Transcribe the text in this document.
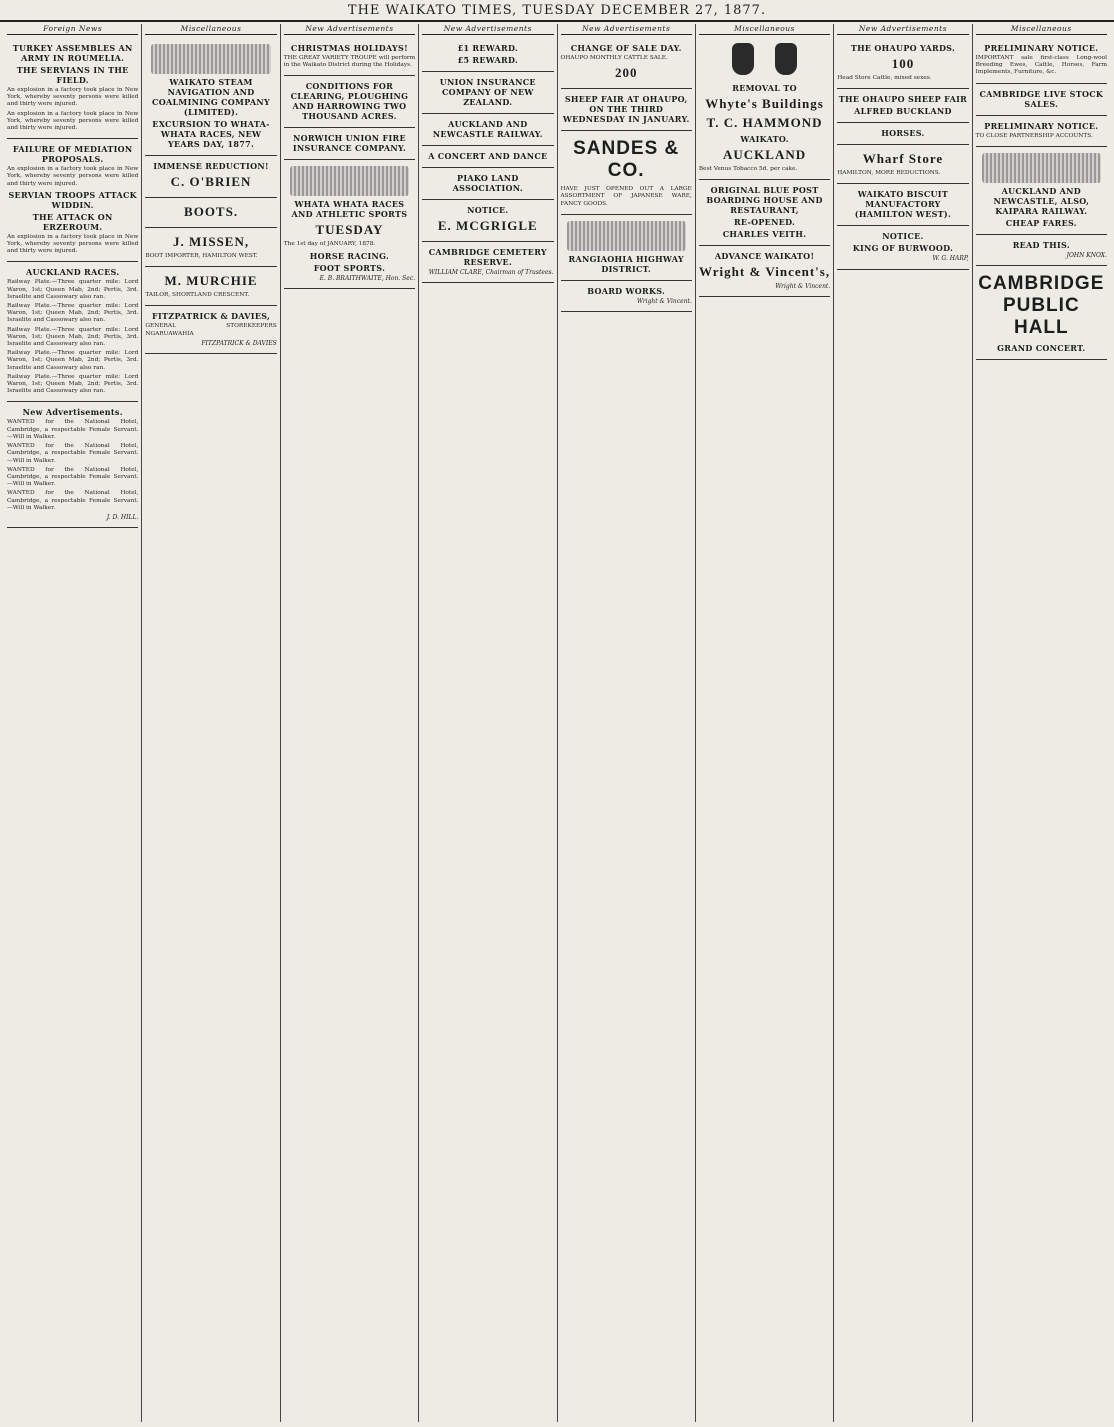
THE WAIKATO TIMES, TUESDAY DECEMBER 27, 1877.
Foreign News
TURKEY ASSEMBLES AN ARMY IN ROUMELIA.
THE SERVIANS IN THE FIELD.

An explosion in a factory took place in New York, whereby seventy persons were killed and thirty were injured.

An explosion in a factory took place in New York, whereby seventy persons were killed and thirty were injured.

FAILURE OF MEDIATION PROPOSALS.

An explosion in a factory took place in New York, whereby seventy persons were killed and thirty were injured.

SERVIAN TROOPS ATTACK WIDDIN.
THE ATTACK ON ERZEROUM.

An explosion in a factory took place in New York, whereby seventy persons were killed and thirty were injured.

AUCKLAND RACES.

Railway Plate.—Three quarter mile: Lord Waron, 1st; Queen Mab, 2nd; Pertis, 3rd. Israelite and Cassowary also ran.

Railway Plate.—Three quarter mile: Lord Waron, 1st; Queen Mab, 2nd; Pertis, 3rd. Israelite and Cassowary also ran.

Railway Plate.—Three quarter mile: Lord Waron, 1st; Queen Mab, 2nd; Pertis, 3rd. Israelite and Cassowary also ran.

Railway Plate.—Three quarter mile: Lord Waron, 1st; Queen Mab, 2nd; Pertis, 3rd. Israelite and Cassowary also ran.

Railway Plate.—Three quarter mile: Lord Waron, 1st; Queen Mab, 2nd; Pertis, 3rd. Israelite and Cassowary also ran.

New Advertisements.

WANTED for the National Hotel, Cambridge, a respectable Female Servant.—Will in Walker.

WANTED for the National Hotel, Cambridge, a respectable Female Servant.—Will in Walker.

WANTED for the National Hotel, Cambridge, a respectable Female Servant.—Will in Walker.

WANTED for the National Hotel, Cambridge, a respectable Female Servant.—Will in Walker.

J. D. HILL.

Miscellaneous
WAIKATO STEAM NAVIGATION AND COALMINING COMPANY (LIMITED).
EXCURSION TO WHATA-WHATA RACES, NEW YEARS DAY, 1877.
IMMENSE REDUCTION!
C. O'BRIEN
BOOTS.
J. MISSEN,

BOOT IMPORTER, HAMILTON WEST.

M. MURCHIE

TAILOR, SHORTLAND CRESCENT.

FITZPATRICK & DAVIES,

GENERAL STOREKEEPERS NGARUAWAHIA

FITZPATRICK & DAVIES

New Advertisements
CHRISTMAS HOLIDAYS!

THE GREAT VARIETY TROUPE will perform in the Waikato District during the Holidays.

CONDITIONS FOR CLEARING, PLOUGHING AND HARROWING TWO THOUSAND ACRES.
NORWICH UNION FIRE INSURANCE COMPANY.
WHATA WHATA RACES AND ATHLETIC SPORTS
TUESDAY

The 1st day of JANUARY, 1878.

HORSE RACING.
FOOT SPORTS.

E. B. BRAITHWAITE, Hon. Sec.

New Advertisements
£1 REWARD.
£5 REWARD.
UNION INSURANCE COMPANY OF NEW ZEALAND.
AUCKLAND AND NEWCASTLE RAILWAY.
A CONCERT AND DANCE
PIAKO LAND ASSOCIATION.
NOTICE.
E. MCGRIGLE
CAMBRIDGE CEMETERY RESERVE.

WILLIAM CLARE, Chairman of Trustees.

New Advertisements
CHANGE OF SALE DAY.

OHAUPO MONTHLY CATTLE SALE.

200
SHEEP FAIR AT OHAUPO, ON THE THIRD WEDNESDAY IN JANUARY.
SANDES & CO.

HAVE JUST OPENED OUT A LARGE ASSORTMENT OF JAPANESE WARE, FANCY GOODS.

RANGIAOHIA HIGHWAY DISTRICT.
BOARD WORKS.

Wright & Vincent.

Miscellaneous

REMOVAL TO
Whyte's Buildings
T. C. HAMMOND
WAIKATO.
AUCKLAND

Best Venus Tobacco 5d. per cake.

ORIGINAL BLUE POST BOARDING HOUSE AND RESTAURANT,
RE-OPENED.
CHARLES VEITH.
ADVANCE WAIKATO!
Wright & Vincent's,

Wright & Vincent.

New Advertisements
THE OHAUPO YARDS.
100

Head Store Cattle, mixed sexes.

THE OHAUPO SHEEP FAIR
ALFRED BUCKLAND
HORSES.
Wharf Store

HAMILTON, MORE REDUCTIONS.

WAIKATO BISCUIT MANUFACTORY (HAMILTON WEST).
NOTICE.
KING OF BURWOOD.

W. G. HARP,

Miscellaneous
PRELIMINARY NOTICE.

IMPORTANT sale first-class Long-wool Breeding Ewes, Cattle, Horses, Farm Implements, Furniture, &c.

CAMBRIDGE LIVE STOCK SALES.
PRELIMINARY NOTICE.

TO CLOSE PARTNERSHIP ACCOUNTS.

AUCKLAND AND NEWCASTLE, ALSO, KAIPARA RAILWAY.
CHEAP FARES.
READ THIS.

JOHN KNOX.

CAMBRIDGE PUBLIC HALL
GRAND CONCERT.
